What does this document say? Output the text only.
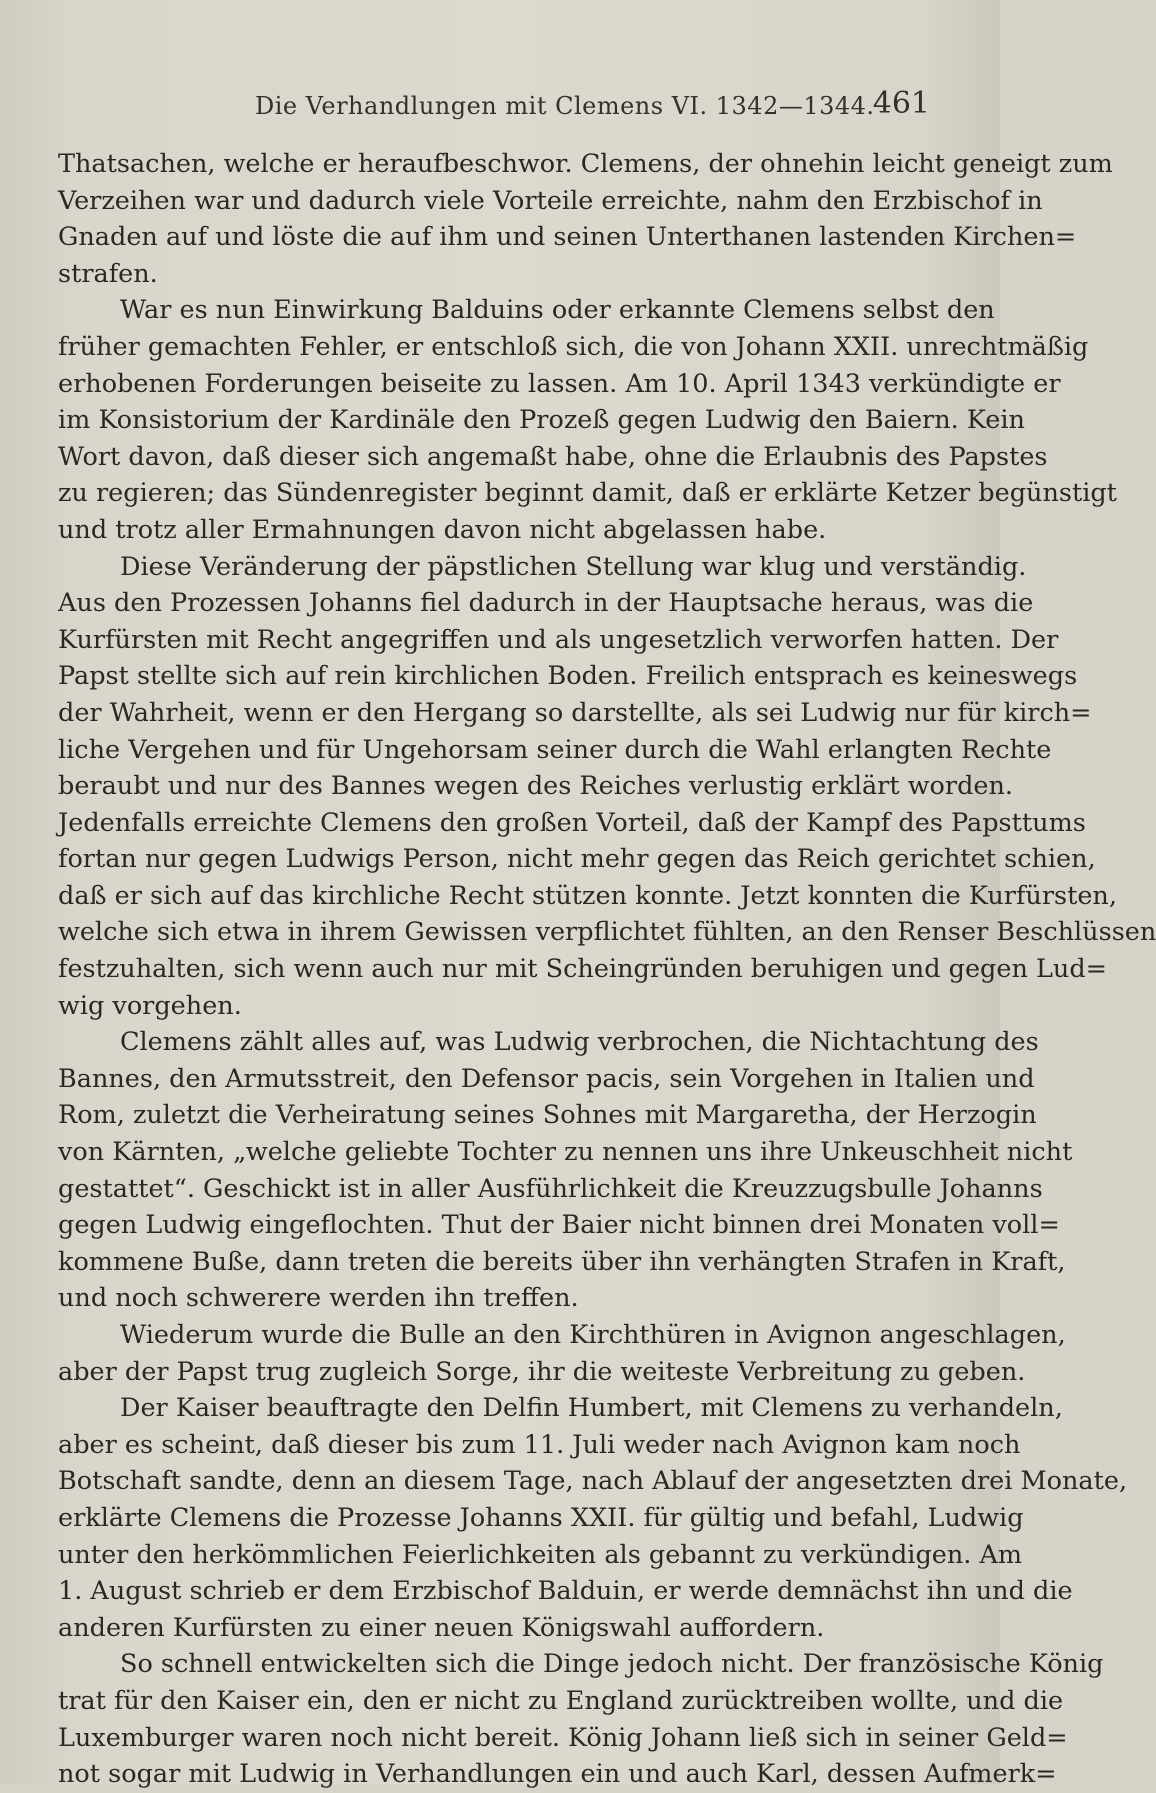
Die Verhandlungen mit Clemens VI. 1342—1344.
461
Thatsachen, welche er heraufbeschwor. Clemens, der ohnehin leicht geneigt zum
Verzeihen war und dadurch viele Vorteile erreichte, nahm den Erzbischof in
Gnaden auf und löste die auf ihm und seinen Unterthanen lastenden Kirchen=
strafen.
War es nun Einwirkung Balduins oder erkannte Clemens selbst den
früher gemachten Fehler, er entschloß sich, die von Johann XXII. unrechtmäßig
erhobenen Forderungen beiseite zu lassen. Am 10. April 1343 verkündigte er
im Konsistorium der Kardinäle den Prozeß gegen Ludwig den Baiern. Kein
Wort davon, daß dieser sich angemaßt habe, ohne die Erlaubnis des Papstes
zu regieren; das Sündenregister beginnt damit, daß er erklärte Ketzer begünstigt
und trotz aller Ermahnungen davon nicht abgelassen habe.
Diese Veränderung der päpstlichen Stellung war klug und verständig.
Aus den Prozessen Johanns fiel dadurch in der Hauptsache heraus, was die
Kurfürsten mit Recht angegriffen und als ungesetzlich verworfen hatten. Der
Papst stellte sich auf rein kirchlichen Boden. Freilich entsprach es keineswegs
der Wahrheit, wenn er den Hergang so darstellte, als sei Ludwig nur für kirch=
liche Vergehen und für Ungehorsam seiner durch die Wahl erlangten Rechte
beraubt und nur des Bannes wegen des Reiches verlustig erklärt worden.
Jedenfalls erreichte Clemens den großen Vorteil, daß der Kampf des Papsttums
fortan nur gegen Ludwigs Person, nicht mehr gegen das Reich gerichtet schien,
daß er sich auf das kirchliche Recht stützen konnte. Jetzt konnten die Kurfürsten,
welche sich etwa in ihrem Gewissen verpflichtet fühlten, an den Renser Beschlüssen
festzuhalten, sich wenn auch nur mit Scheingründen beruhigen und gegen Lud=
wig vorgehen.
Clemens zählt alles auf, was Ludwig verbrochen, die Nichtachtung des
Bannes, den Armutsstreit, den Defensor pacis, sein Vorgehen in Italien und
Rom, zuletzt die Verheiratung seines Sohnes mit Margaretha, der Herzogin
von Kärnten, „welche geliebte Tochter zu nennen uns ihre Unkeuschheit nicht
gestattet“. Geschickt ist in aller Ausführlichkeit die Kreuzzugsbulle Johanns
gegen Ludwig eingeflochten. Thut der Baier nicht binnen drei Monaten voll=
kommene Buße, dann treten die bereits über ihn verhängten Strafen in Kraft,
und noch schwerere werden ihn treffen.
Wiederum wurde die Bulle an den Kirchthüren in Avignon angeschlagen,
aber der Papst trug zugleich Sorge, ihr die weiteste Verbreitung zu geben.
Der Kaiser beauftragte den Delfin Humbert, mit Clemens zu verhandeln,
aber es scheint, daß dieser bis zum 11. Juli weder nach Avignon kam noch
Botschaft sandte, denn an diesem Tage, nach Ablauf der angesetzten drei Monate,
erklärte Clemens die Prozesse Johanns XXII. für gültig und befahl, Ludwig
unter den herkömmlichen Feierlichkeiten als gebannt zu verkündigen. Am
1. August schrieb er dem Erzbischof Balduin, er werde demnächst ihn und die
anderen Kurfürsten zu einer neuen Königswahl auffordern.
So schnell entwickelten sich die Dinge jedoch nicht. Der französische König
trat für den Kaiser ein, den er nicht zu England zurücktreiben wollte, und die
Luxemburger waren noch nicht bereit. König Johann ließ sich in seiner Geld=
not sogar mit Ludwig in Verhandlungen ein und auch Karl, dessen Aufmerk=
